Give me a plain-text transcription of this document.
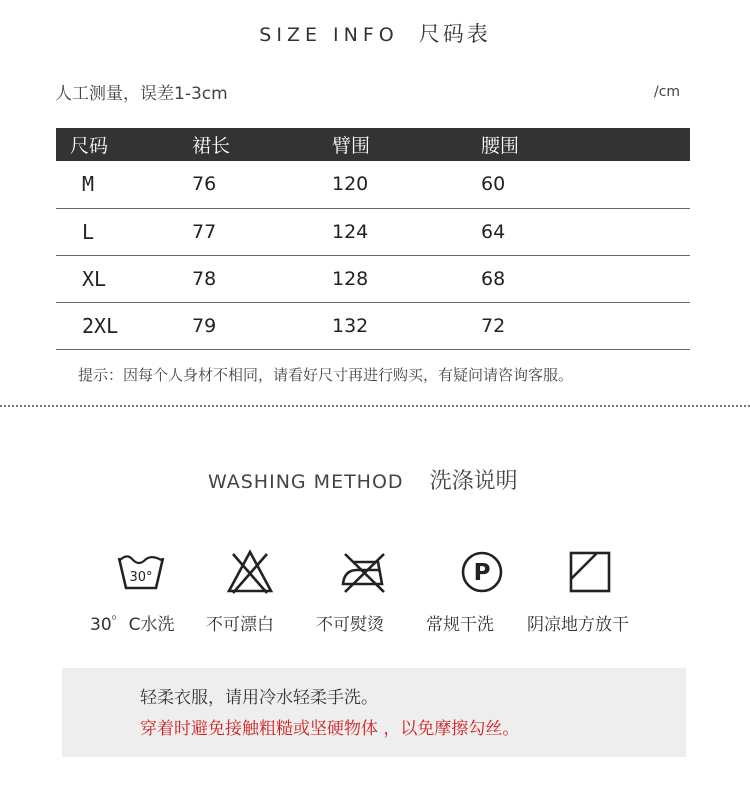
SIZE INFO 尺码表
人工测量，误差1-3cm	/cm
尺码	裙长	臂围	腰围
M	76	120	60
L	77	124	64
XL	78	128	68
2XL	79	132	72
提示：因每个人身材不相同，请看好尺寸再进行购买，有疑问请咨询客服。
WASHING METHOD 洗涤说明
30°	P
30゜C水洗 不可漂白 不可熨烫 常规干洗 阴凉地方放干
轻柔衣服，请用冷水轻柔手洗。
穿着时避免接触粗糙或坚硬物体 ，以免摩擦勾丝。
